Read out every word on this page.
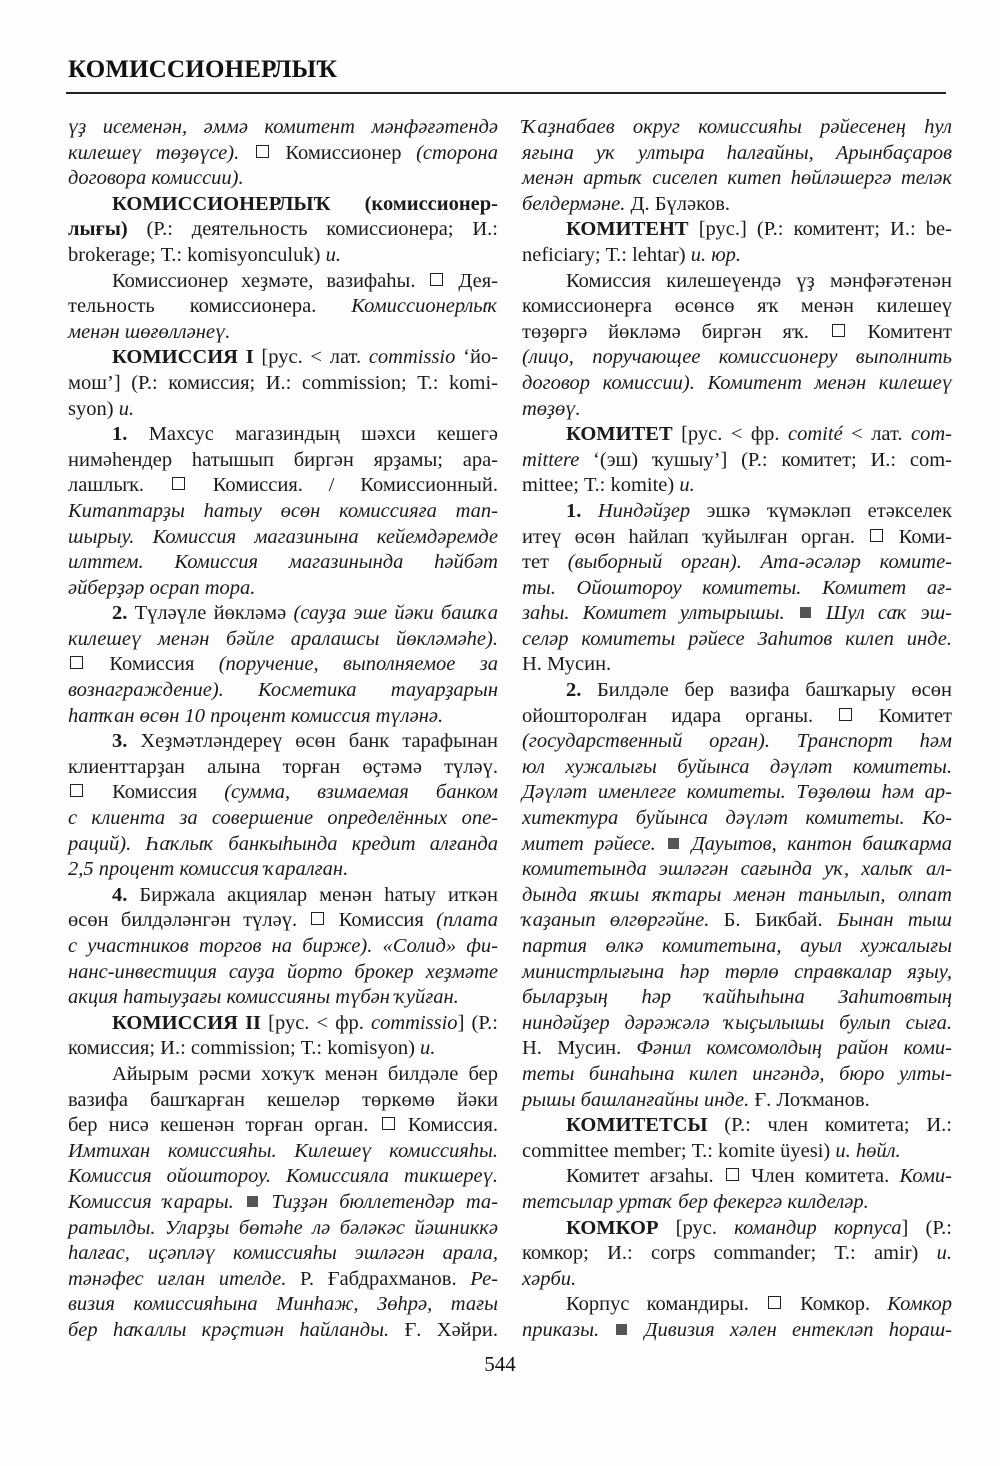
КОМИССИОНЕРЛЫҠ
үҙ исеменән, әммә комитент мәнфәғәтендә
килешеү төҙөүсе).  Комиссионер (сторона
договора комиссии).
КОМИССИОНЕРЛЫҠ (комиссионер-
лығы) (Р.: деятельность комиссионера; И.:
brokerage; Т.: komisyonculuk) и.
Комиссионер хеҙмәте, вазифаһы.  Дея-
тельность комиссионера. Комиссионерлыҡ
менән шөғөлләнеү.
КОМИССИЯ I [рус. < лат. commissio ‘йо-
мош’] (Р.: комиссия; И.: commission; Т.: komi-
syon) и.
1. Махсус магазиндың шәхси кешегә
нимәһендер һатышып биргән ярҙамы; ара-
лашлыҡ.  Комиссия. / Комиссионный.
Китаптарҙы һатыу өсөн комиссияға тап-
шырыу. Комиссия магазинына кейемдәремде
илттем. Комиссия магазинында һәйбәт
әйберҙәр осрап тора.
2. Түләүле йөкләмә (сауҙа эше йәки башҡа
килешеү менән бәйле аралашсы йөкләмәһе).
Комиссия (поручение, выполняемое за
вознаграждение). Косметика тауарҙарын
һатҡан өсөн 10 процент комиссия түләнә.
3. Хеҙмәтләндереү өсөн банк тарафынан
клиенттарҙан алына торған өҫтәмә түләү.
Комиссия (сумма, взимаемая банком
с клиента за совершение определённых опе-
раций). Һаҡлыҡ банкыһында кредит алғанда
2,5 процент комиссия ҡаралған.
4. Биржала акциялар менән һатыу иткән
өсөн билдәләнгән түләү.  Комиссия (плата
с участников торгов на бирже). «Солид» фи-
нанс-инвестиция сауҙа йорто брокер хеҙмәте
акция һатыуҙағы комиссияны түбән ҡуйған.
КОМИССИЯ II [рус. < фр. commissio] (Р.:
комиссия; И.: commission; Т.: komisyon) и.
Айырым рәсми хоҡуҡ менән билдәле бер
вазифа башҡарған кешеләр төркөмө йәки
бер нисә кешенән торған орган.  Комиссия.
Имтихан комиссияһы. Килешеү комиссияһы.
Комиссия ойоштороу. Комиссияла тикшереү.
Комиссия ҡарары.  Тиҙҙән бюллетендәр та-
ратылды. Уларҙы бөтәһе лә бәләкәс йәшниккә
һалғас, иҫәпләү комиссияһы эшләгән арала,
тәнәфес иғлан ителде. Р. Ғабдрахманов. Ре-
визия комиссияһына Минһаж, Зөһрә, тағы
бер һаҡаллы крәҫтиән һайланды. Ғ. Хәйри.
Ҡаҙнабаев округ комиссияһы рәйесенең һул
яғына уҡ ултыра һалғайны, Арынбаҫаров
менән артыҡ сиселеп китеп һөйләшергә теләк
белдермәне. Д. Бүләков.
КОМИТЕНТ [рус.] (Р.: комитент; И.: be-
neficiary; Т.: lehtar) и. юр.
Комиссия килешеүендә үҙ мәнфәғәтенән
комиссионерға өсөнсө яҡ менән килешеү
төҙөргә йөкләмә биргән яҡ.  Комитент
(лицо, поручающее комиссионеру выполнить
договор комиссии). Комитент менән килешеү
төҙөү.
КОМИТЕТ [рус. < фр. comité < лат. com-
mittere ‘(эш) ҡушыу’] (Р.: комитет; И.: com-
mittee; Т.: komite) и.
1. Ниндәйҙер эшкә ҡүмәкләп етәкселек
итеү өсөн һайлап ҡуйылған орган.  Коми-
тет (выборный орган). Ата-әсәләр комите-
ты. Ойоштороу комитеты. Комитет ағ-
заһы. Комитет ултырышы.  Шул саҡ эш-
сeләр комитеты рәйесе Заһитов килеп инде.
Н. Мусин.
2. Билдәле бер вазифа башҡарыу өсөн
ойошторолған идара органы.  Комитет
(государственный орган). Транспорт һәм
юл хужалығы буйынса дәүләт комитеты.
Дәүләт именлеге комитеты. Төҙөлөш һәм ар-
хитектура буйынса дәүләт комитеты. Ко-
митет рәйесе.  Дауытов, кантон башҡарма
комитетында эшләгән сағында уҡ, халыҡ ал-
дында яҡшы яҡтары менән танылып, олпат
ҡаҙанып өлгөргәйне. Б. Бикбай. Бынан тыш
партия өлкә комитетына, ауыл хужалығы
министрлығына һәр төрлө справкалар яҙыу,
быларҙың һәр ҡайһыһына Заһитовтың
ниндәйҙер дәрәжәлә ҡыҫылышы булып сыға.
Н. Мусин. Фәнил комсомолдың район коми-
теты бинаһына килеп ингәндә, бюро улты-
рышы башланғайны инде. Ғ. Лоҡманов.
КОМИТЕТСЫ (Р.: член комитета; И.:
committee member; Т.: komite üyesi) и. һөйл.
Комитет ағзаһы.  Член комитета. Коми-
тетсылар уртаҡ бер фекергә килделәр.
КОМКОР [рус. командир корпуса] (Р.:
комкор; И.: corps commander; Т.: amir) и.
хәрби.
Корпус командиры.  Комкор. Комкор
приказы.  Дивизия хәлен ентекләп һораш-
544
